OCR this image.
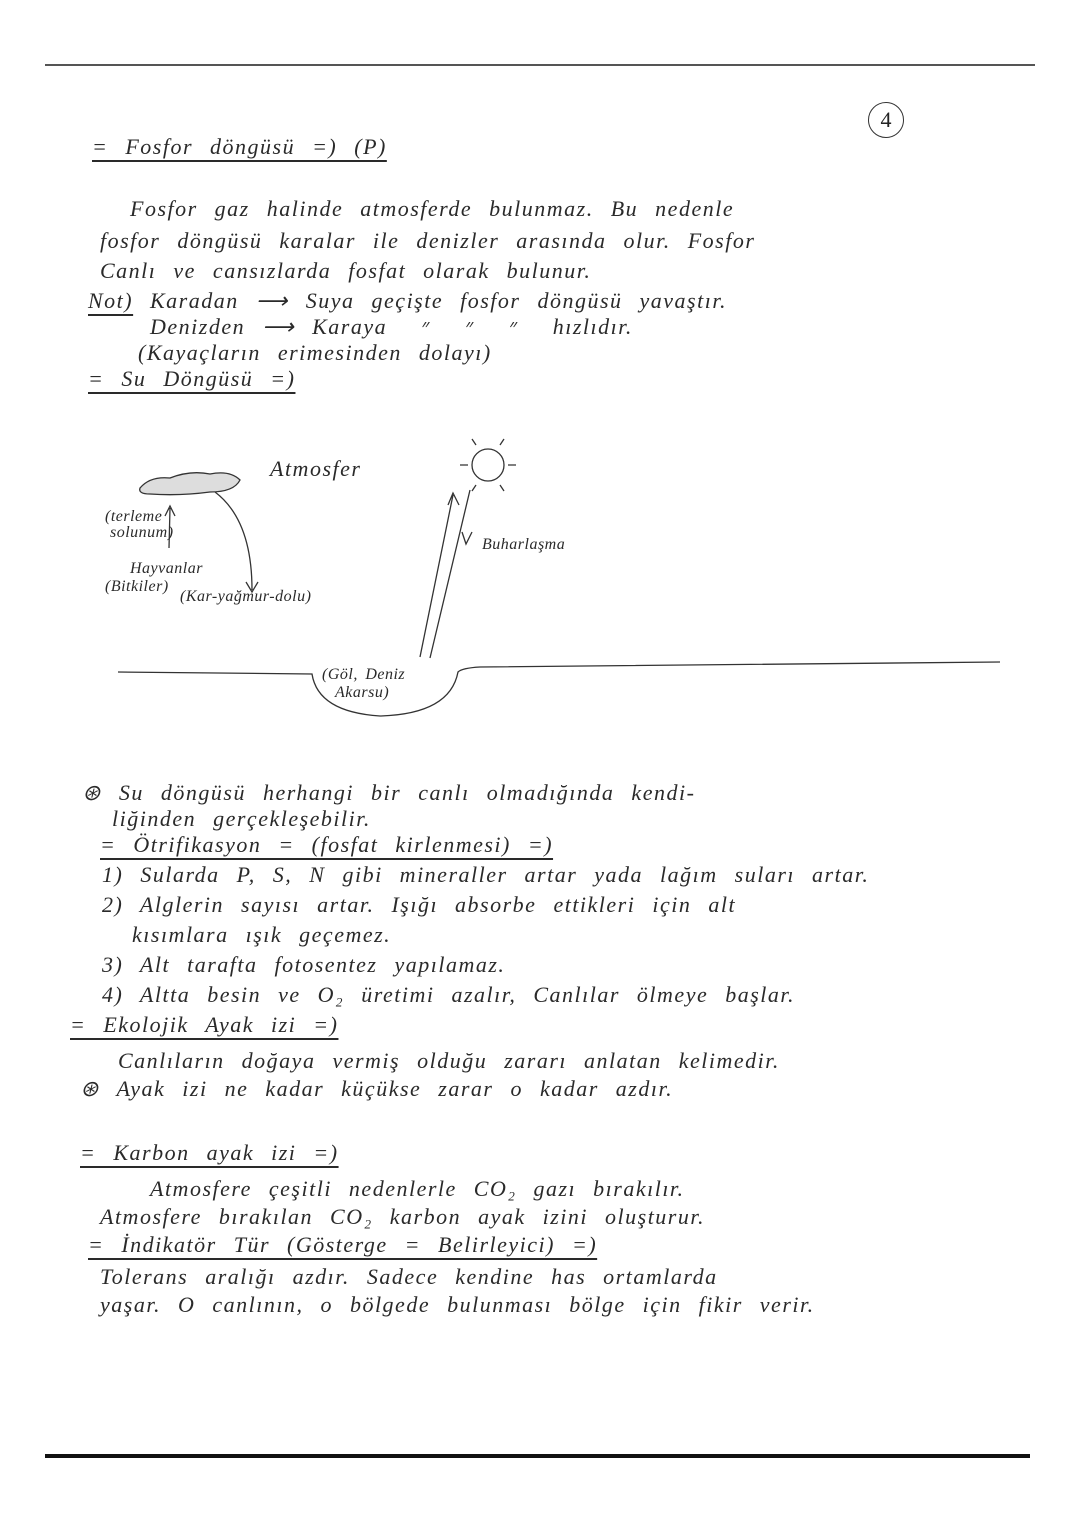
4
= Fosfor döngüsü =) (P)
Fosfor gaz halinde atmosferde bulunmaz. Bu nedenle
fosfor döngüsü karalar ile denizler arasında olur. Fosfor
Canlı ve cansızlarda fosfat olarak bulunur.
Not) Karadan ⟶ Suya geçişte fosfor döngüsü yavaştır.
Denizden ⟶ Karaya  ״  ״  ״  hızlıdır.
(Kayaçların erimesinden dolayı)
= Su Döngüsü =)
Atmosfer
(terleme
solunum)
Hayvanlar
(Bitkiler)
(Kar-yağmur-dolu)
Buharlaşma
(Göl, Deniz
Akarsu)
⊛ Su döngüsü herhangi bir canlı olmadığında kendi-
liğinden gerçekleşebilir.
= Ötrifikasyon = (fosfat kirlenmesi) =)
1) Sularda P, S, N gibi mineraller artar yada lağım suları artar.
2) Alglerin sayısı artar. Işığı absorbe ettikleri için alt
kısımlara ışık geçemez.
3) Alt tarafta fotosentez yapılamaz.
4) Altta besin ve O₂ üretimi azalır, Canlılar ölmeye başlar.
= Ekolojik Ayak izi =)
Canlıların doğaya vermiş olduğu zararı anlatan kelimedir.
⊛ Ayak izi ne kadar küçükse zarar o kadar azdır.
= Karbon ayak izi =)
Atmosfere çeşitli nedenlerle CO₂ gazı bırakılır.
Atmosfere bırakılan CO₂ karbon ayak izini oluşturur.
= İndikatör Tür (Gösterge = Belirleyici) =)
Tolerans aralığı azdır. Sadece kendine has ortamlarda
yaşar. O canlının, o bölgede bulunması bölge için fikir verir.
